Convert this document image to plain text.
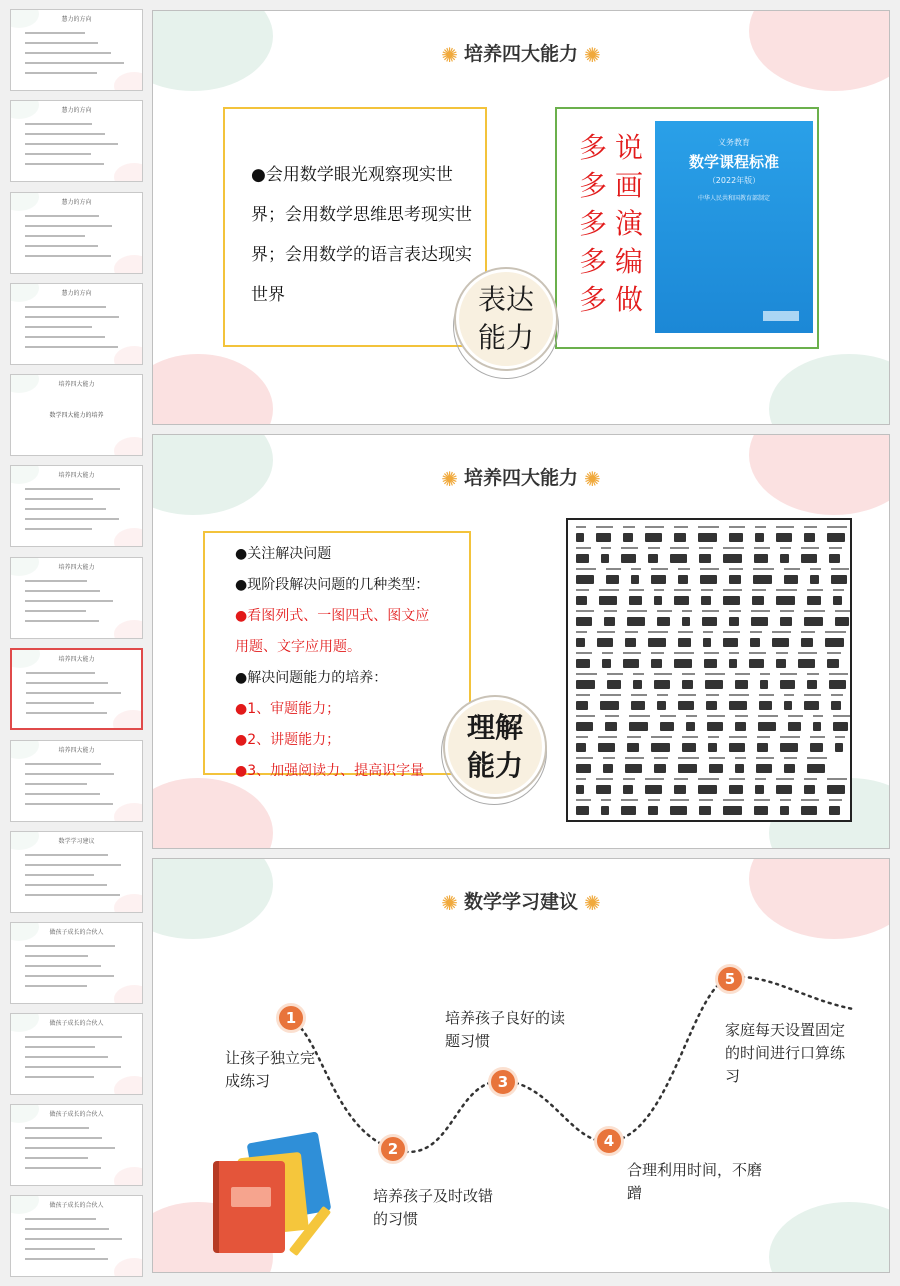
慧力的方向
慧力的方向
慧力的方向
慧力的方向
培养四大能力
数学四大能力的培养
培养四大能力
培养四大能力
培养四大能力
培养四大能力
数学学习建议
做孩子成长的合伙人
做孩子成长的合伙人
做孩子成长的合伙人
做孩子成长的合伙人
✺ 培养四大能力 ✺
●会用数学眼光观察现实世界；会用数学思维思考现实世界；会用数学的语言表达现实世界
多
多
多
多
多
说
画
演
编
做
义务教育
数学课程标准
（2022年版）
中华人民共和国教育部制定
表达
能力
✺ 培养四大能力 ✺
●关注解决问题
●现阶段解决问题的几种类型：
●看图列式、一图四式、图文应
用题、文字应用题。
●解决问题能力的培养：
●1、审题能力；
●2、讲题能力；
●3、加强阅读力、提高识字量
理解
能力
✺ 数学学习建议 ✺
1
2
3
4
5
让孩子独立完成练习
培养孩子及时改错的习惯
培养孩子良好的读题习惯
合理利用时间，不磨蹭
家庭每天设置固定的时间进行口算练习
